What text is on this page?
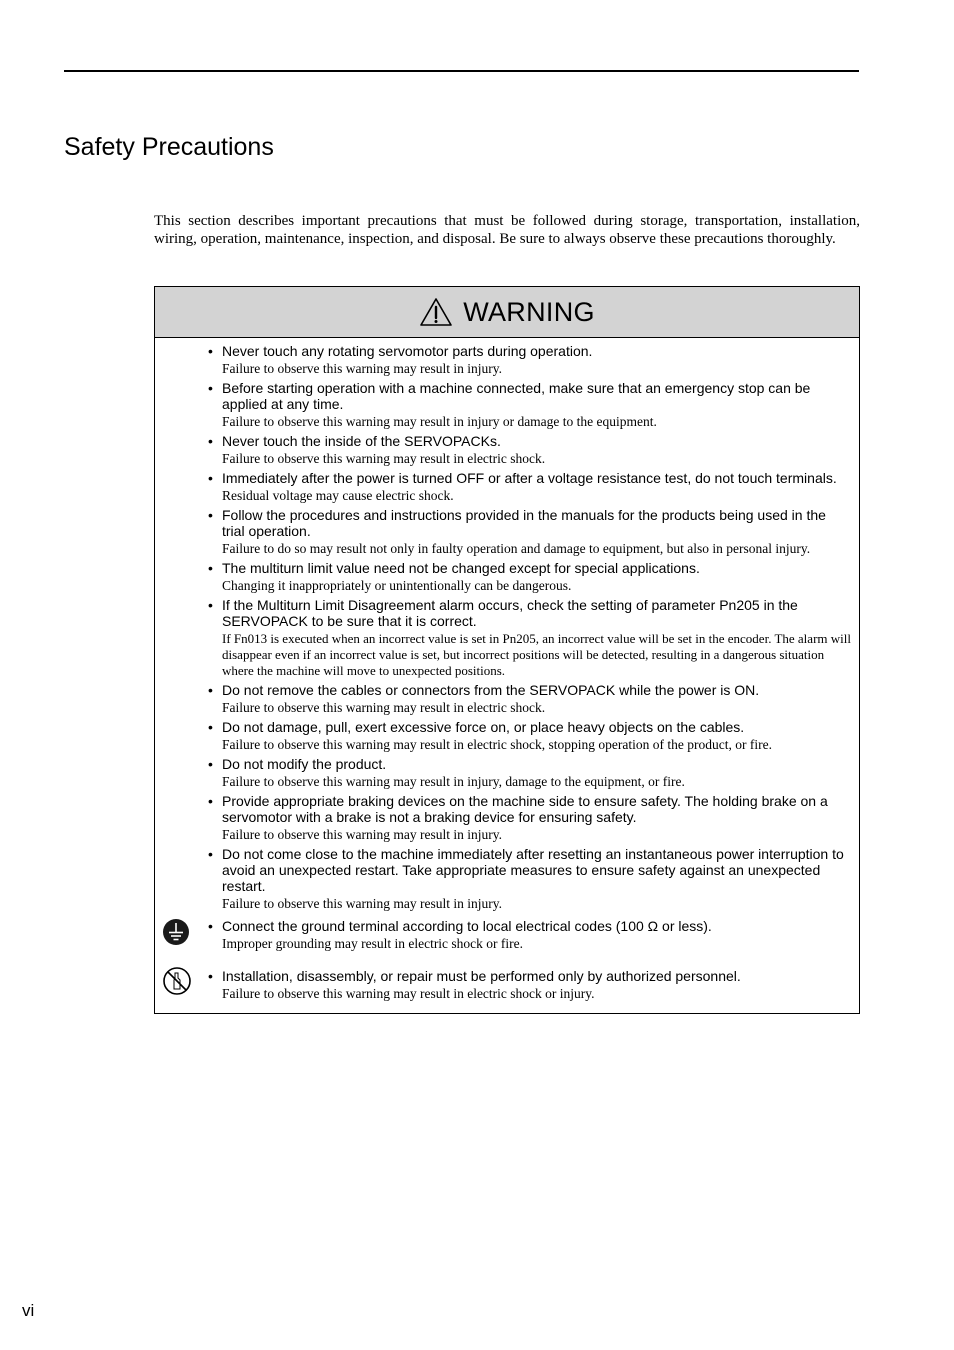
Safety Precautions

This section describes important precautions that must be followed during storage, transportation, installation, wiring, operation, maintenance, inspection, and disposal. Be sure to always observe these precautions thoroughly.

WARNING
• Never touch any rotating servomotor parts during operation.
Failure to observe this warning may result in injury.
• Before starting operation with a machine connected, make sure that an emergency stop can be applied at any time.
Failure to observe this warning may result in injury or damage to the equipment.
• Never touch the inside of the SERVOPACKs.
Failure to observe this warning may result in electric shock.
• Immediately after the power is turned OFF or after a voltage resistance test, do not touch terminals.
Residual voltage may cause electric shock.
• Follow the procedures and instructions provided in the manuals for the products being used in the trial operation.
Failure to do so may result not only in faulty operation and damage to equipment, but also in personal injury.
• The multiturn limit value need not be changed except for special applications.
Changing it inappropriately or unintentionally can be dangerous.
• If the Multiturn Limit Disagreement alarm occurs, check the setting of parameter Pn205 in the SERVOPACK to be sure that it is correct.
If Fn013 is executed when an incorrect value is set in Pn205, an incorrect value will be set in the encoder. The alarm will disappear even if an incorrect value is set, but incorrect positions will be detected, resulting in a dangerous situation where the machine will move to unexpected positions.
• Do not remove the cables or connectors from the SERVOPACK while the power is ON.
Failure to observe this warning may result in electric shock.
• Do not damage, pull, exert excessive force on, or place heavy objects on the cables.
Failure to observe this warning may result in electric shock, stopping operation of the product, or fire.
• Do not modify the product.
Failure to observe this warning may result in injury, damage to the equipment, or fire.
• Provide appropriate braking devices on the machine side to ensure safety. The holding brake on a servomotor with a brake is not a braking device for ensuring safety.
Failure to observe this warning may result in injury.
• Do not come close to the machine immediately after resetting an instantaneous power interruption to avoid an unexpected restart. Take appropriate measures to ensure safety against an unexpected restart.
Failure to observe this warning may result in injury.
• Connect the ground terminal according to local electrical codes (100 Ω or less).
Improper grounding may result in electric shock or fire.
• Installation, disassembly, or repair must be performed only by authorized personnel.
Failure to observe this warning may result in electric shock or injury.
vi
